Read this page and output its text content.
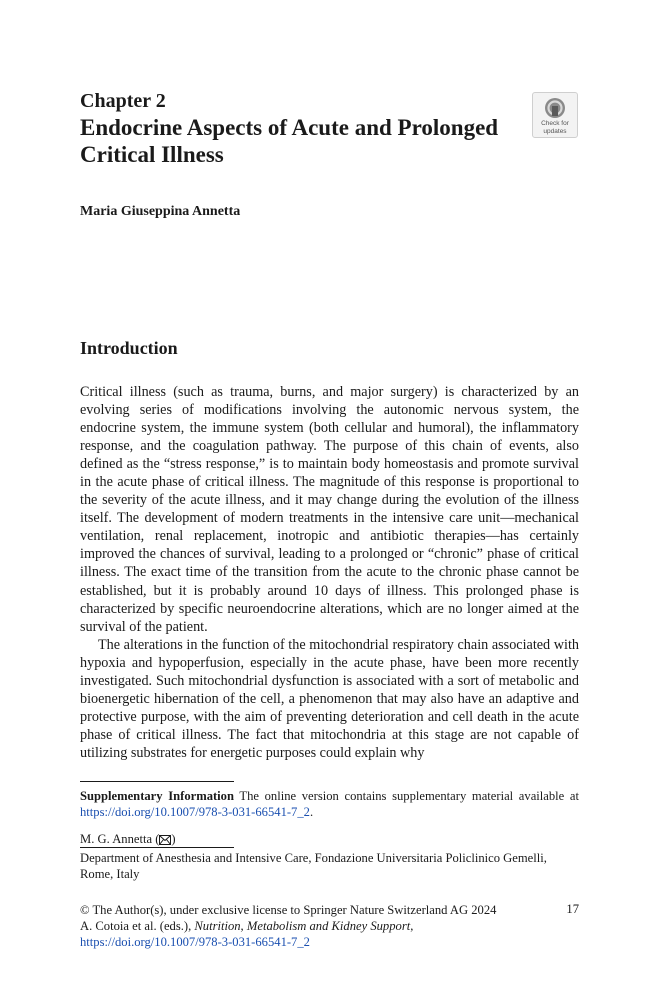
Chapter 2
Endocrine Aspects of Acute and Prolonged Critical Illness
Check for
updates
Maria Giuseppina Annetta
Introduction

Critical illness (such as trauma, burns, and major surgery) is characterized by an evolving series of modifications involving the autonomic nervous system, the endocrine system, the immune system (both cellular and humoral), the inflammatory response, and the coagulation pathway. The purpose of this chain of events, also defined as the “stress response,” is to maintain body homeostasis and promote survival in the acute phase of critical illness. The magnitude of this response is proportional to the severity of the acute illness, and it may change during the evolution of the illness itself. The development of modern treatments in the intensive care unit—mechanical ventilation, renal replacement, inotropic and antibiotic therapies—has certainly improved the chances of survival, leading to a prolonged or “chronic” phase of critical illness. The exact time of the transition from the acute to the chronic phase cannot be established, but it is probably around 10 days of illness. This prolonged phase is characterized by specific neuroendocrine alterations, which are no longer aimed at the survival of the patient.

The alterations in the function of the mitochondrial respiratory chain associated with hypoxia and hypoperfusion, especially in the acute phase, have been more recently investigated. Such mitochondrial dysfunction is associated with a sort of metabolic and bioenergetic hibernation of the cell, a phenomenon that may also have an adaptive and protective purpose, with the aim of preventing deterioration and cell death in the acute phase of critical illness. The fact that mitochondria at this stage are not capable of utilizing substrates for energetic purposes could explain why

Supplementary Information The online version contains supplementary material available at https://doi.org/10.1007/978-3-031-66541-7_2.
M. G. Annetta ( )
Department of Anesthesia and Intensive Care, Fondazione Universitaria Policlinico Gemelli, Rome, Italy
© The Author(s), under exclusive license to Springer Nature Switzerland AG 2024
A. Cotoia et al. (eds.), Nutrition, Metabolism and Kidney Support,
https://doi.org/10.1007/978-3-031-66541-7_2
17
